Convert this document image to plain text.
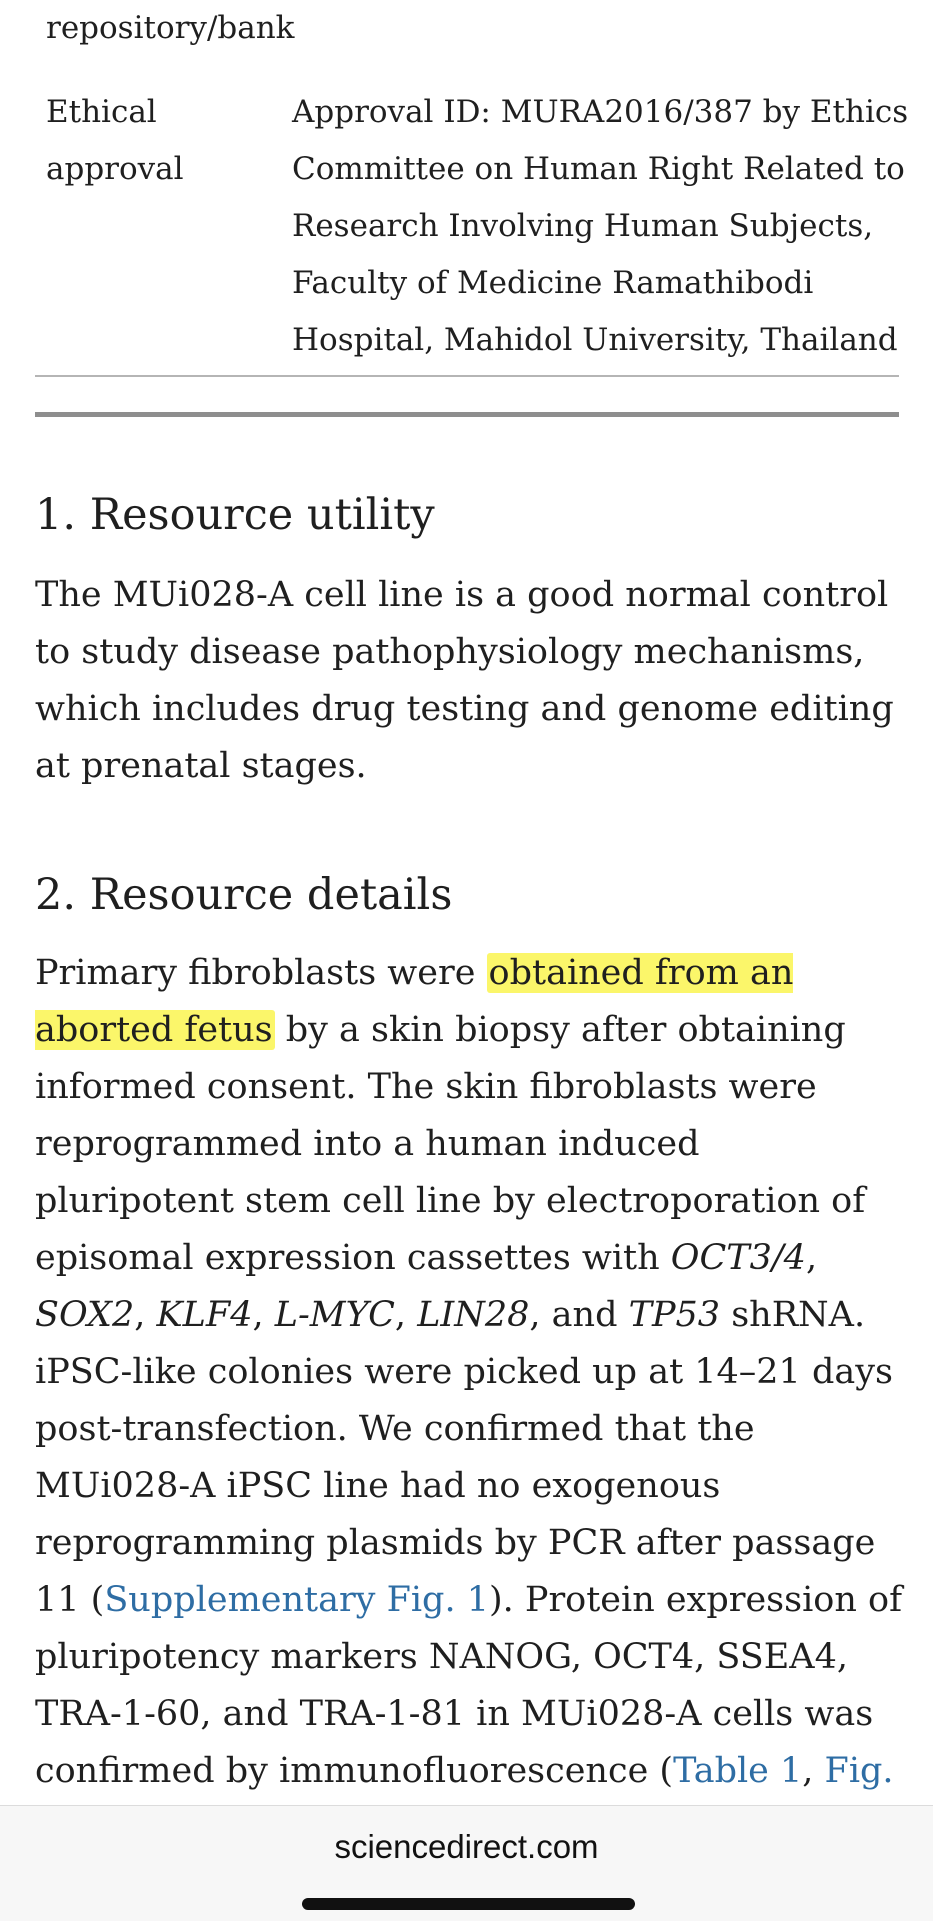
repository/bank
Ethical
approval
Approval ID: MURA2016/387 by Ethics Committee on Human Right Related to Research Involving Human Subjects, Faculty of Medicine Ramathibodi Hospital, Mahidol University, Thailand
1. Resource utility
The MUi028-A cell line is a good normal control to study disease pathophysiology mechanisms, which includes drug testing and genome editing at prenatal stages.
2. Resource details
Primary fibroblasts were obtained from an aborted fetus by a skin biopsy after obtaining informed consent. The skin fibroblasts were reprogrammed into a human induced pluripotent stem cell line by electroporation of episomal expression cassettes with OCT3/4, SOX2, KLF4, L-MYC, LIN28, and TP53 shRNA. iPSC-like colonies were picked up at 14–21 days post-transfection. We confirmed that the MUi028-A iPSC line had no exogenous reprogramming plasmids by PCR after passage 11 (Supplementary Fig. 1). Protein expression of pluripotency markers NANOG, OCT4, SSEA4, TRA-1-60, and TRA-1-81 in MUi028-A cells was confirmed by immunofluorescence (Table 1, Fig.
sciencedirect.com
